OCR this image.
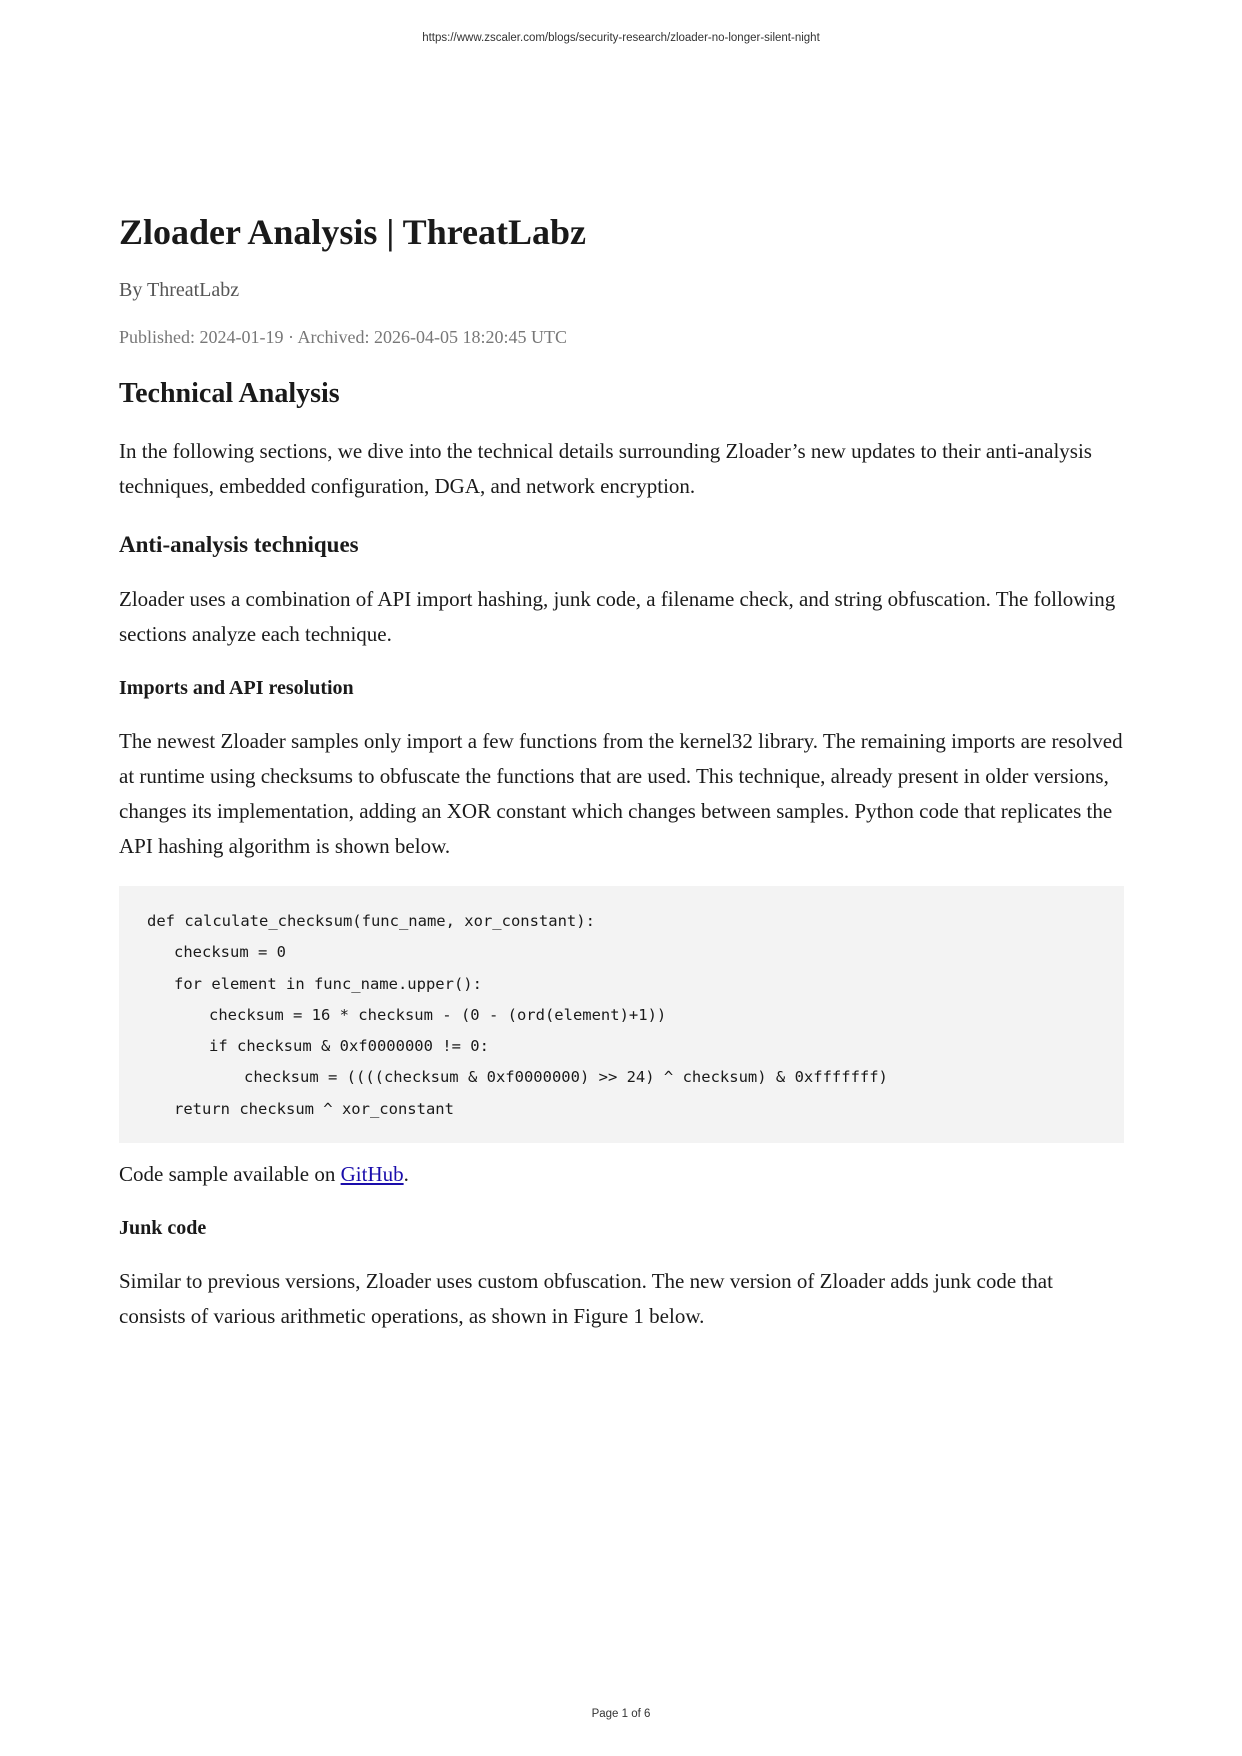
https://www.zscaler.com/blogs/security-research/zloader-no-longer-silent-night
Zloader Analysis | ThreatLabz
By ThreatLabz
Published: 2024-01-19 · Archived: 2026-04-05 18:20:45 UTC
Technical Analysis

In the following sections, we dive into the technical details surrounding Zloader’s new updates to their anti-analysis techniques, embedded configuration, DGA, and network encryption.

Anti-analysis techniques

Zloader uses a combination of API import hashing, junk code, a filename check, and string obfuscation. The following sections analyze each technique.

Imports and API resolution

The newest Zloader samples only import a few functions from the kernel32 library. The remaining imports are resolved at runtime using checksums to obfuscate the functions that are used. This technique, already present in older versions, changes its implementation, adding an XOR constant which changes between samples. Python code that replicates the API hashing algorithm is shown below.

def calculate_checksum(func_name, xor_constant):
checksum = 0
for element in func_name.upper():
checksum = 16 * checksum - (0 - (ord(element)+1))
if checksum & 0xf0000000 != 0:
checksum = ((((checksum & 0xf0000000) >> 24) ^ checksum) & 0xfffffff)
return checksum ^ xor_constant

Code sample available on GitHub.

Junk code

Similar to previous versions, Zloader uses custom obfuscation. The new version of Zloader adds junk code that consists of various arithmetic operations, as shown in Figure 1 below.

Page 1 of 6
